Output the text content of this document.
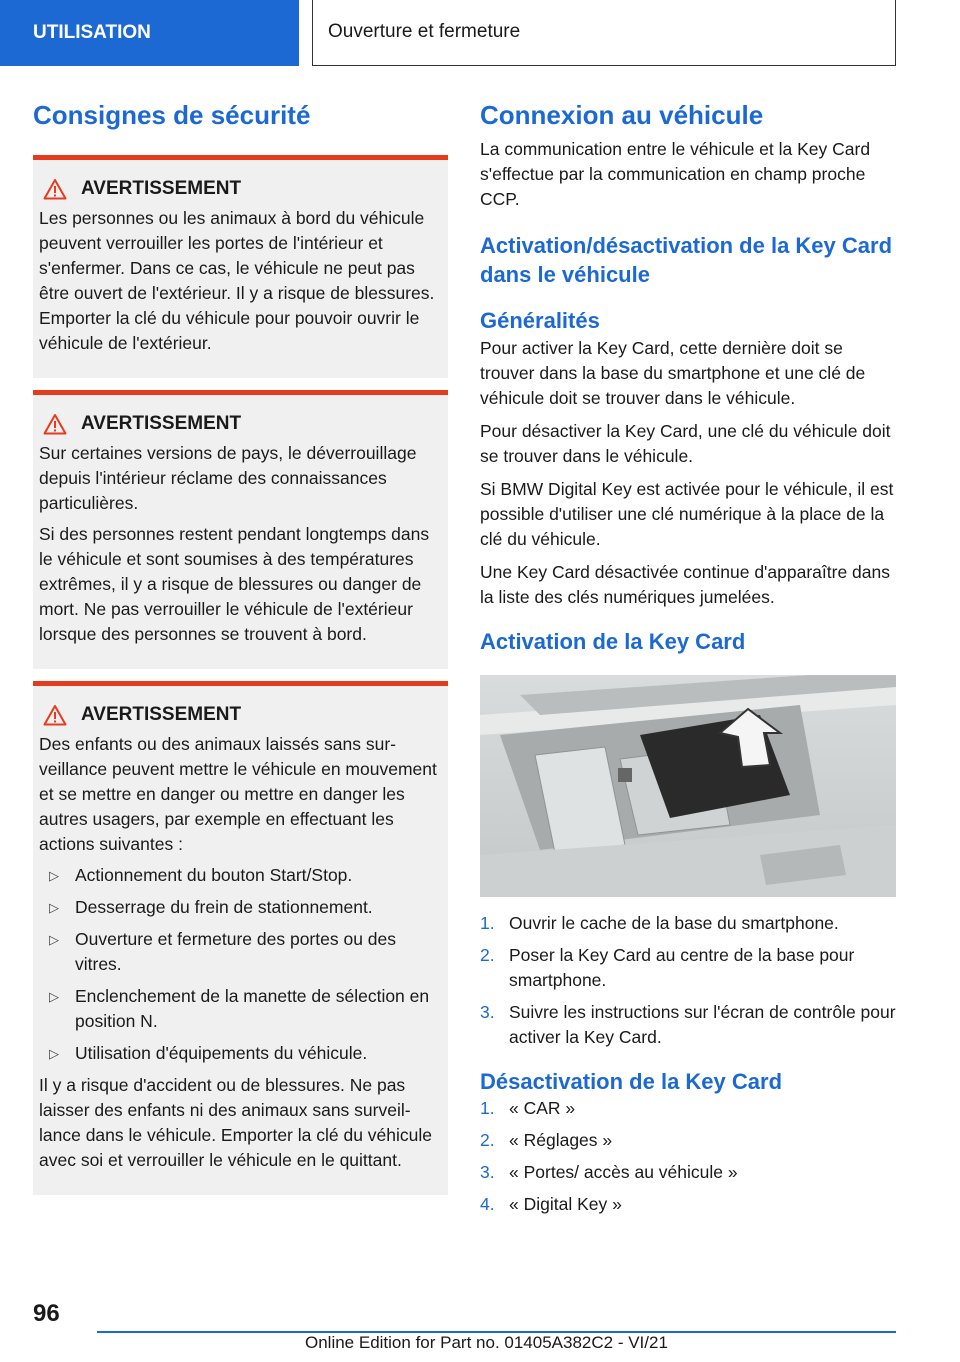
UTILISATION	Ouverture et fermeture
Consignes de sécurité
AVERTISSEMENT

Les personnes ou les animaux à bord du véhicule peuvent verrouiller les portes de l'intérieur et s'enfermer. Dans ce cas, le véhicule ne peut pas être ouvert de l'extérieur. Il y a risque de blessures. Emporter la clé du véhicule pour pouvoir ouvrir le véhicule de l'extérieur.

AVERTISSEMENT

Sur certaines versions de pays, le déverrouillage depuis l'intérieur réclame des connaissances particulières.

Si des personnes restent pendant longtemps dans le véhicule et sont soumises à des températures extrêmes, il y a risque de blessures ou danger de mort. Ne pas verrouiller le véhicule de l'extérieur lorsque des personnes se trouvent à bord.

AVERTISSEMENT

Des enfants ou des animaux laissés sans surveillance peuvent mettre le véhicule en mouvement et se mettre en danger ou mettre en danger les autres usagers, par exemple en effectuant les actions suivantes :

▷ Actionnement du bouton Start/Stop.
▷ Desserrage du frein de stationnement.
▷ Ouverture et fermeture des portes ou des vitres.
▷ Enclenchement de la manette de sélection en position N.
▷ Utilisation d'équipements du véhicule.

Il y a risque d'accident ou de blessures. Ne pas laisser des enfants ni des animaux sans surveillance dans le véhicule. Emporter la clé du véhicule avec soi et verrouiller le véhicule en le quittant.

Connexion au véhicule

La communication entre le véhicule et la Key Card s'effectue par la communication en champ proche CCP.

Activation/désactivation de la Key Card dans le véhicule
Généralités

Pour activer la Key Card, cette dernière doit se trouver dans la base du smartphone et une clé de véhicule doit se trouver dans le véhicule.

Pour désactiver la Key Card, une clé du véhicule doit se trouver dans le véhicule.

Si BMW Digital Key est activée pour le véhicule, il est possible d'utiliser une clé numérique à la place de la clé du véhicule.

Une Key Card désactivée continue d'apparaître dans la liste des clés numériques jumelées.

Activation de la Key Card
1. Ouvrir le cache de la base du smartphone.
2. Poser la Key Card au centre de la base pour smartphone.
3. Suivre les instructions sur l'écran de contrôle pour activer la Key Card.
Désactivation de la Key Card
1. « CAR »
2. « Réglages »
3. « Portes/ accès au véhicule »
4. « Digital Key »
96
Online Edition for Part no. 01405A382C2 - VI/21
